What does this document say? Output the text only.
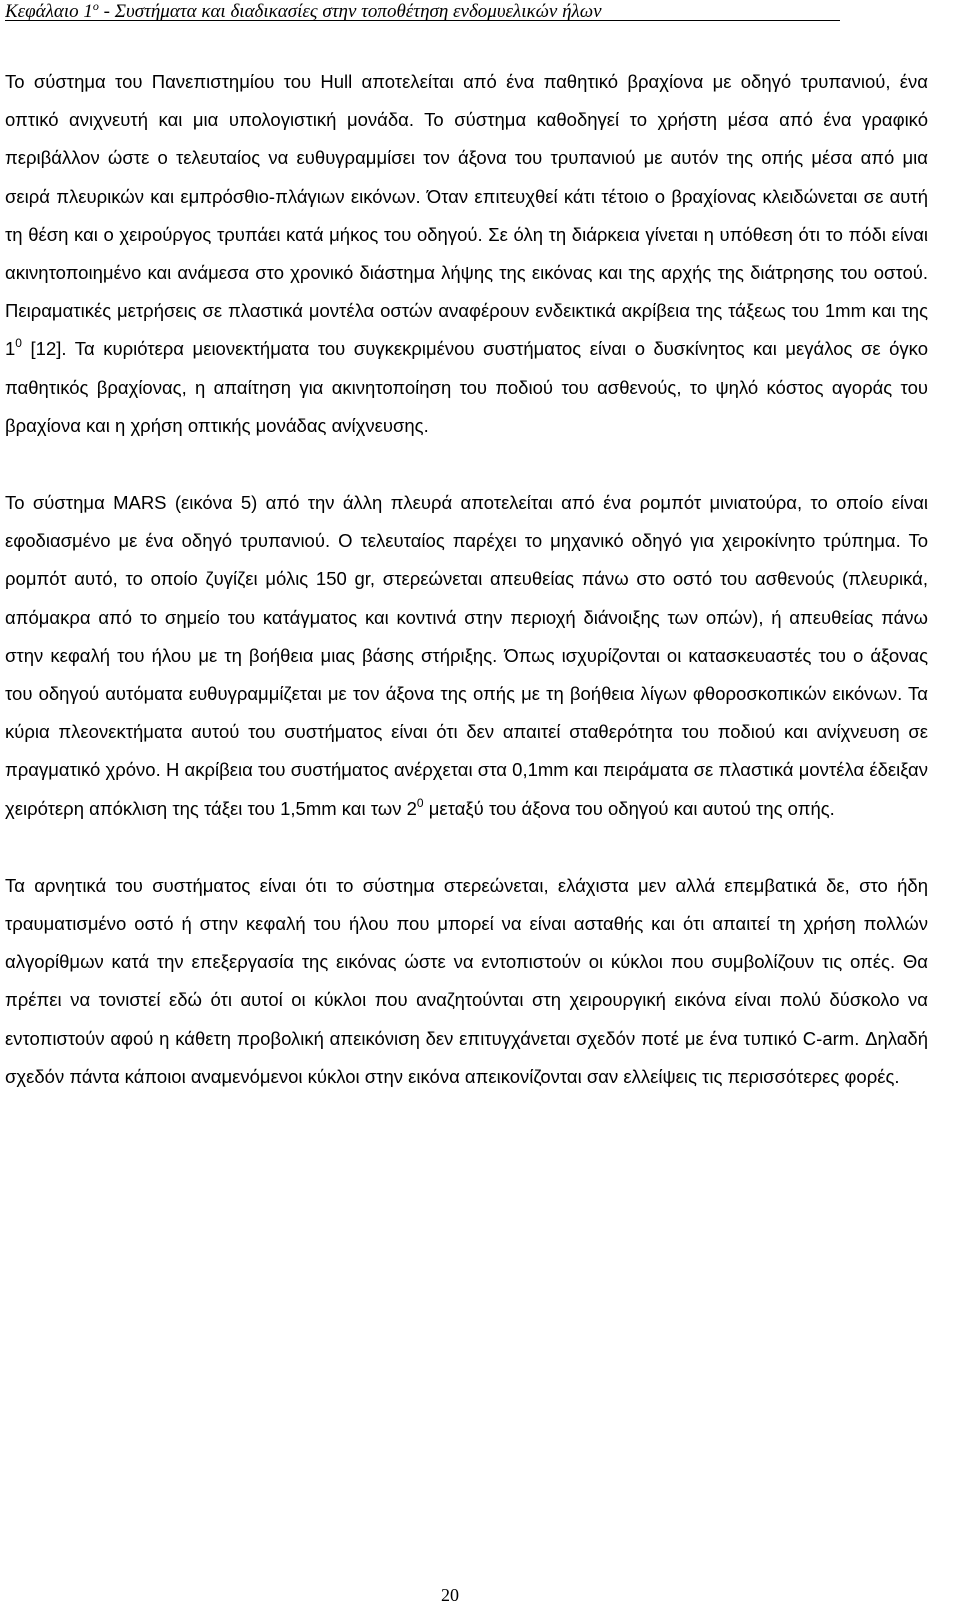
Κεφάλαιο $1^o$ - Συστήματα και διαδικασίες στην τοποθέτηση ενδομυελικών ήλων

Το σύστημα του Πανεπιστημίου του Hull αποτελείται από ένα παθητικό βραχίονα με οδηγό τρυπανιού, ένα οπτικό ανιχνευτή και μια υπολογιστική μονάδα. Το σύστημα καθοδηγεί το χρήστη μέσα από ένα γραφικό περιβάλλον ώστε ο τελευταίος να ευθυγραμμίσει τον άξονα του τρυπανιού με αυτόν της οπής μέσα από μια σειρά πλευρικών και εμπρόσθιο-πλάγιων εικόνων. Όταν επιτευχθεί κάτι τέτοιο ο βραχίονας κλειδώνεται σε αυτή τη θέση και ο χειρούργος τρυπάει κατά μήκος του οδηγού. Σε όλη τη διάρκεια γίνεται η υπόθεση ότι το πόδι είναι ακινητοποιημένο και ανάμεσα στο χρονικό διάστημα λήψης της εικόνας και της αρχής της διάτρησης του οστού. Πειραματικές μετρήσεις σε πλαστικά μοντέλα οστών αναφέρουν ενδεικτικά ακρίβεια της τάξεως του 1mm και της $1^0$ [12]. Τα κυριότερα μειονεκτήματα του συγκεκριμένου συστήματος είναι ο δυσκίνητος και μεγάλος σε όγκο παθητικός βραχίονας, η απαίτηση για ακινητοποίηση του ποδιού του ασθενούς, το ψηλό κόστος αγοράς του βραχίονα και η χρήση οπτικής μονάδας ανίχνευσης.

Το σύστημα MARS (εικόνα 5) από την άλλη πλευρά αποτελείται από ένα ρομπότ μινιατούρα, το οποίο είναι εφοδιασμένο με ένα οδηγό τρυπανιού. Ο τελευταίος παρέχει το μηχανικό οδηγό για χειροκίνητο τρύπημα. Το ρομπότ αυτό, το οποίο ζυγίζει μόλις 150 gr, στερεώνεται απευθείας πάνω στο οστό του ασθενούς (πλευρικά, απόμακρα από το σημείο του κατάγματος και κοντινά στην περιοχή διάνοιξης των οπών), ή απευθείας πάνω στην κεφαλή του ήλου με τη βοήθεια μιας βάσης στήριξης. Όπως ισχυρίζονται οι κατασκευαστές του ο άξονας του οδηγού αυτόματα ευθυγραμμίζεται με τον άξονα της οπής με τη βοήθεια λίγων φθοροσκοπικών εικόνων. Τα κύρια πλεονεκτήματα αυτού του συστήματος είναι ότι δεν απαιτεί σταθερότητα του ποδιού και ανίχνευση σε πραγματικό χρόνο. Η ακρίβεια του συστήματος ανέρχεται στα 0,1mm και πειράματα σε πλαστικά μοντέλα έδειξαν χειρότερη απόκλιση της τάξει του 1,5mm και των $2^0$ μεταξύ του άξονα του οδηγού και αυτού της οπής.

Τα αρνητικά του συστήματος είναι ότι το σύστημα στερεώνεται, ελάχιστα μεν αλλά επεμβατικά δε, στο ήδη τραυματισμένο οστό ή στην κεφαλή του ήλου που μπορεί να είναι ασταθής και ότι απαιτεί τη χρήση πολλών αλγορίθμων κατά την επεξεργασία της εικόνας ώστε να εντοπιστούν οι κύκλοι που συμβολίζουν τις οπές. Θα πρέπει να τονιστεί εδώ ότι αυτοί οι κύκλοι που αναζητούνται στη χειρουργική εικόνα είναι πολύ δύσκολο να εντοπιστούν αφού η κάθετη προβολική απεικόνιση δεν επιτυγχάνεται σχεδόν ποτέ με ένα τυπικό C-arm. Δηλαδή σχεδόν πάντα κάποιοι αναμενόμενοι κύκλοι στην εικόνα απεικονίζονται σαν ελλείψεις τις περισσότερες φορές.

20
